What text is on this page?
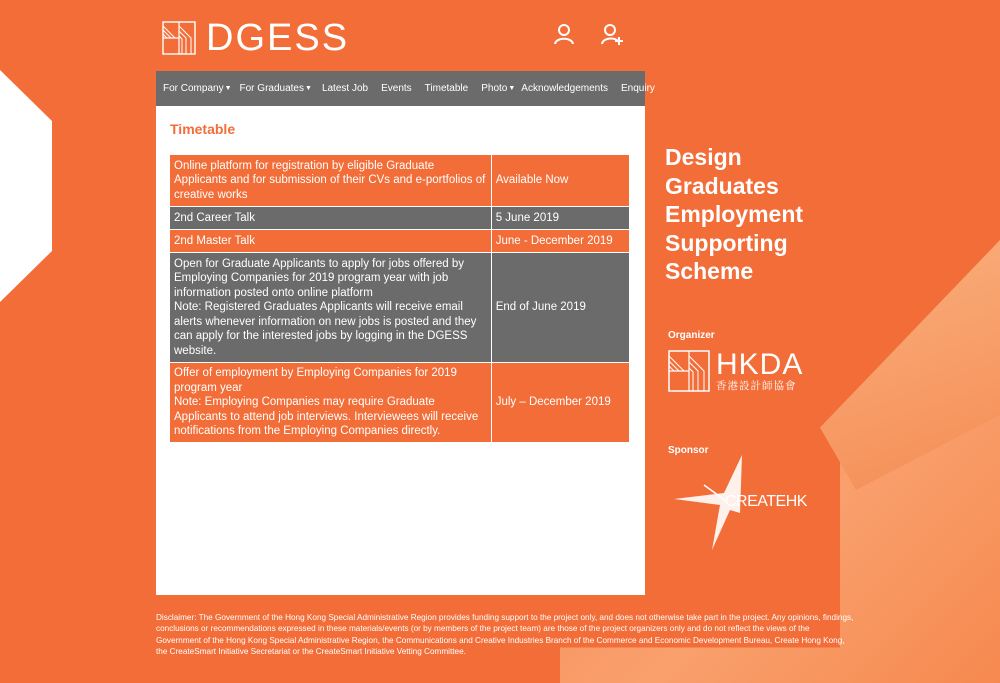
DGESS
For Company ▼ For Graduates ▼ Latest Job Events Timetable Photo ▼ Acknowledgements Enquiry
Timetable
Online platform for registration by eligible Graduate Applicants and for submission of their CVs and e-portfolios of creative works	Available Now
2nd Career Talk	5 June 2019
2nd Master Talk	June - December 2019

Open for Graduate Applicants to apply for jobs offered by Employing Companies for 2019 program year with job information posted onto online platform
Note: Registered Graduates Applicants will receive email alerts whenever information on new jobs is posted and they can apply for the interested jobs by logging in the DGESS website.	End of June 2019

Offer of employment by Employing Companies for 2019 program year
Note: Employing Companies may require Graduate Applicants to attend job interviews. Interviewees will receive notifications from the Employing Companies directly.	July – December 2019
Design
Graduates
Employment
Supporting
Scheme
Organizer
HKDA
香港設計師協會
Sponsor
CREATEHK
Disclaimer: The Government of the Hong Kong Special Administrative Region provides funding support to the project only, and does not otherwise take part in the project. Any opinions, findings, conclusions or recommendations expressed in these materials/events (or by members of the project team) are those of the project organizers only and do not reflect the views of the Government of the Hong Kong Special Administrative Region, the Communications and Creative Industries Branch of the Commerce and Economic Development Bureau, Create Hong Kong, the CreateSmart Initiative Secretariat or the CreateSmart Initiative Vetting Committee.
